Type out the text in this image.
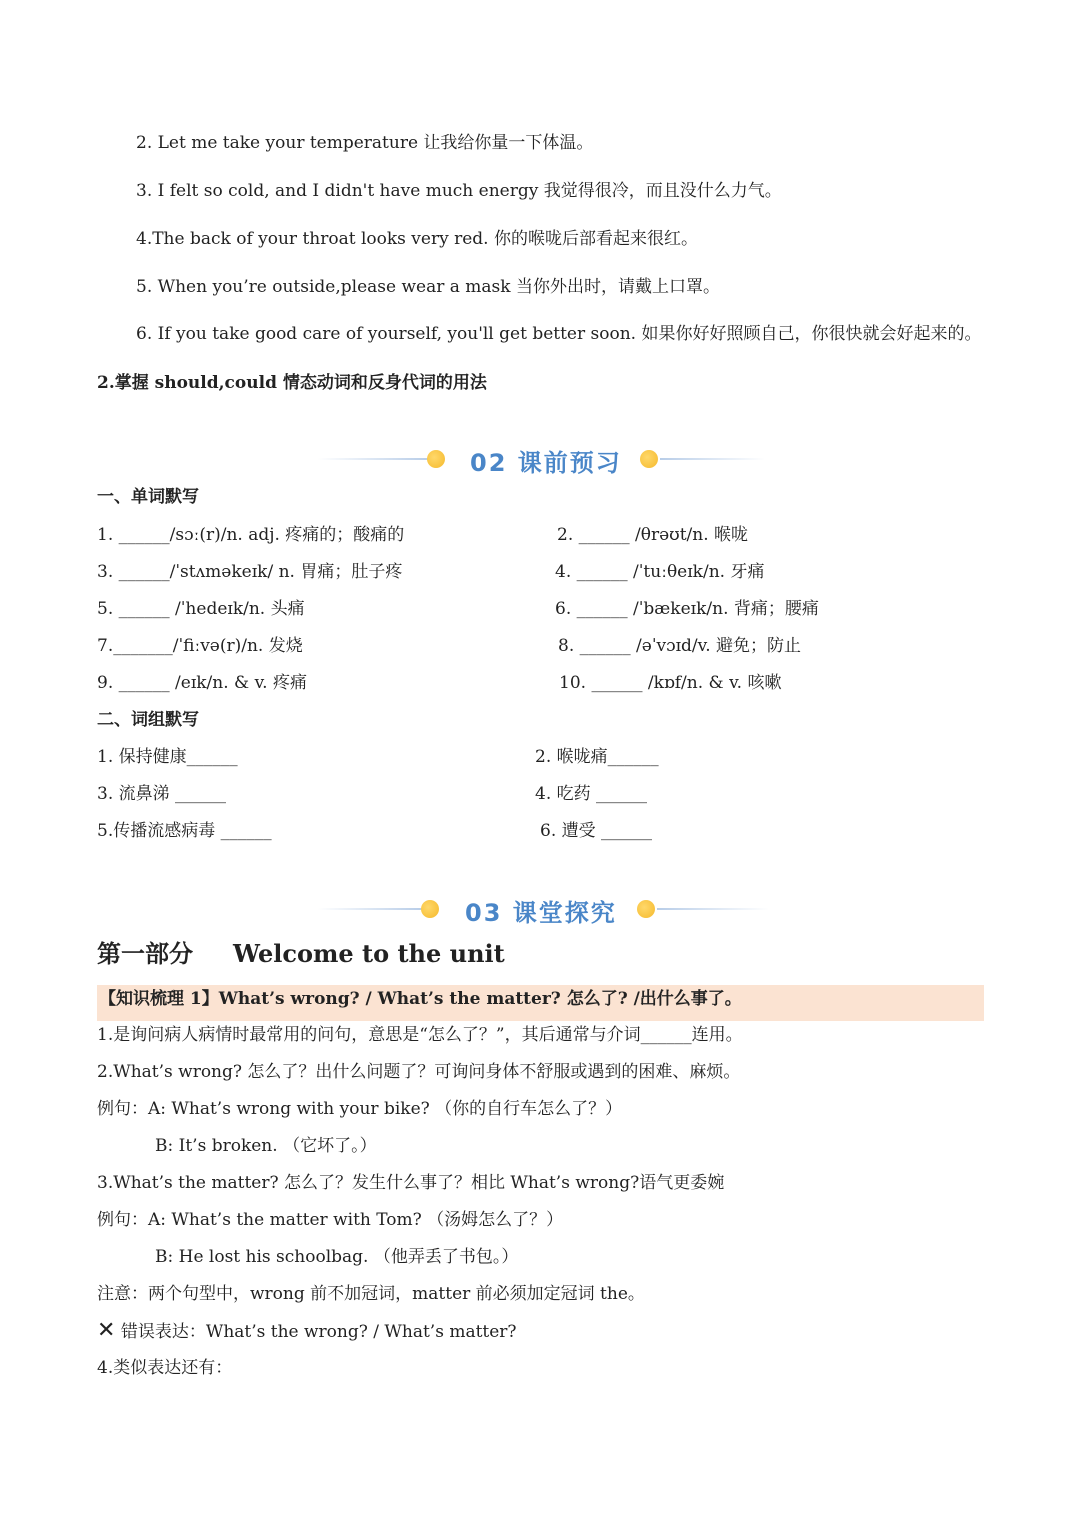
2. Let me take your temperature 让我给你量一下体温。
3. I felt so cold, and I didn't have much energy 我觉得很冷，而且没什么力气。
4.The back of your throat looks very red. 你的喉咙后部看起来很红。
5. When you’re outside,please wear a mask 当你外出时，请戴上口罩。
6. If you take good care of yourself, you'll get better soon. 如果你好好照顾自己，你很快就会好起来的。
2.掌握 should,could 情态动词和反身代词的用法
02 课前预习
一、单词默写
1. ______/sɔː(r)/n. adj. 疼痛的；酸痛的	2. ______ /θrəʊt/n. 喉咙
3. ______/ˈstʌməkeɪk/ n. 胃痛；肚子疼	4. ______ /ˈtuːθeɪk/n. 牙痛
5. ______ /ˈhedeɪk/n. 头痛	6. ______ /ˈbækeɪk/n. 背痛；腰痛
7._______/ˈfiːvə(r)/n. 发烧	8. ______ /əˈvɔɪd/v. 避免；防止
9. ______ /eɪk/n. & v. 疼痛	10. ______ /kɒf/n. & v. 咳嗽
二、词组默写
1. 保持健康______	2. 喉咙痛______
3. 流鼻涕 ______	4. 吃药 ______
5.传播流感病毒 ______	6. 遭受 ______
03 课堂探究
第一部分 Welcome to the unit
【知识梳理 1】What’s wrong? / What’s the matter? 怎么了? /出什么事了。
1.是询问病人病情时最常用的问句，意思是“怎么了？”，其后通常与介词______连用。
2.What’s wrong? 怎么了？出什么问题了？可询问身体不舒服或遇到的困难、麻烦。
例句：A: What’s wrong with your bike? （你的自行车怎么了？）
B: It’s broken. （它坏了。）
3.What’s the matter? 怎么了？发生什么事了？相比 What’s wrong?语气更委婉
例句：A: What’s the matter with Tom? （汤姆怎么了？）
B: He lost his schoolbag. （他弄丢了书包。）
注意：两个句型中，wrong 前不加冠词，matter 前必须加定冠词 the。
✕ 错误表达：What’s the wrong? / What’s matter?
4.类似表达还有：
